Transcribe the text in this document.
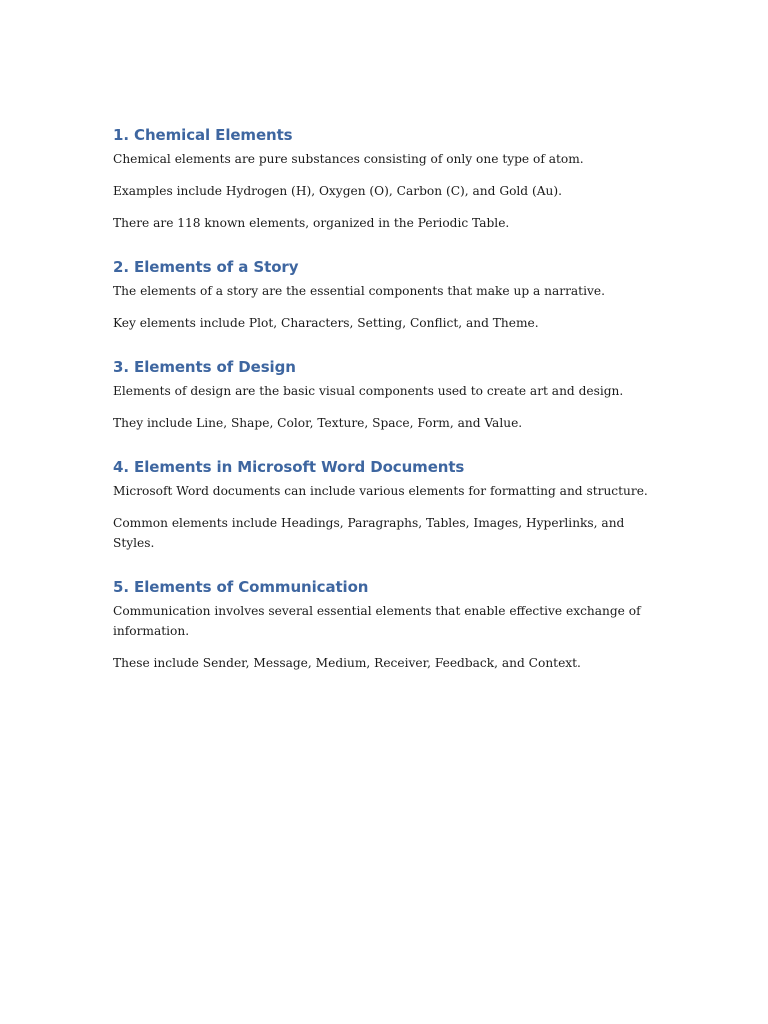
1. Chemical Elements

Chemical elements are pure substances consisting of only one type of atom.

Examples include Hydrogen (H), Oxygen (O), Carbon (C), and Gold (Au).

There are 118 known elements, organized in the Periodic Table.

2. Elements of a Story

The elements of a story are the essential components that make up a narrative.

Key elements include Plot, Characters, Setting, Conflict, and Theme.

3. Elements of Design

Elements of design are the basic visual components used to create art and design.

They include Line, Shape, Color, Texture, Space, Form, and Value.

4. Elements in Microsoft Word Documents

Microsoft Word documents can include various elements for formatting and structure.

Common elements include Headings, Paragraphs, Tables, Images, Hyperlinks, and Styles.

5. Elements of Communication

Communication involves several essential elements that enable effective exchange of information.

These include Sender, Message, Medium, Receiver, Feedback, and Context.
